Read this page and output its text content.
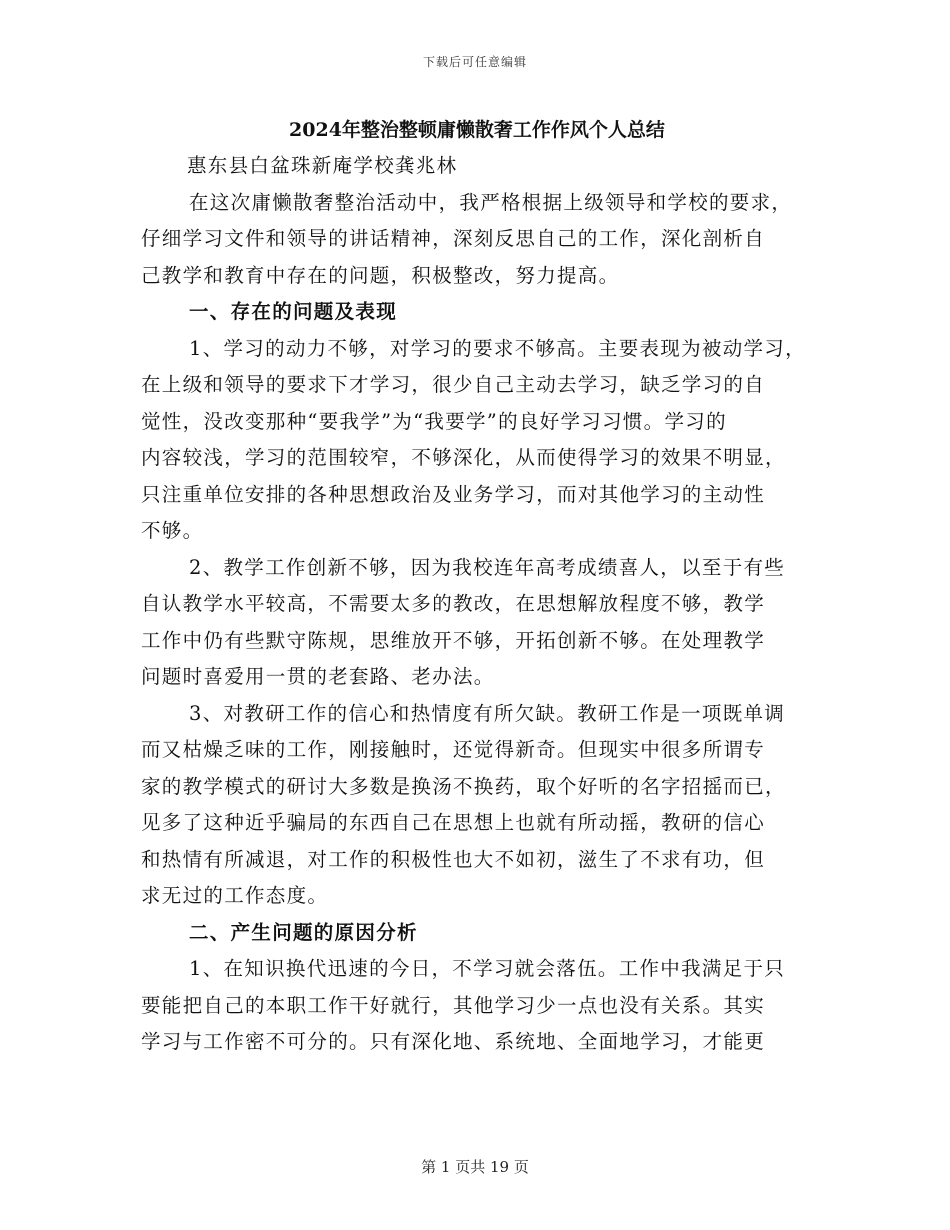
下载后可任意编辑
2024年整治整顿庸懒散奢工作作风个人总结
惠东县白盆珠新庵学校龚兆林
在这次庸懒散奢整治活动中，我严格根据上级领导和学校的要求，
仔细学习文件和领导的讲话精神，深刻反思自己的工作，深化剖析自
己教学和教育中存在的问题，积极整改，努力提高。
一、存在的问题及表现
1、学习的动力不够，对学习的要求不够高。主要表现为被动学习，
在上级和领导的要求下才学习，很少自己主动去学习，缺乏学习的自
觉性，没改变那种“要我学”为“我要学”的良好学习习惯。学习的
内容较浅，学习的范围较窄，不够深化，从而使得学习的效果不明显，
只注重单位安排的各种思想政治及业务学习，而对其他学习的主动性
不够。
2、教学工作创新不够，因为我校连年高考成绩喜人，以至于有些
自认教学水平较高，不需要太多的教改，在思想解放程度不够，教学
工作中仍有些默守陈规，思维放开不够，开拓创新不够。在处理教学
问题时喜爱用一贯的老套路、老办法。
3、对教研工作的信心和热情度有所欠缺。教研工作是一项既单调
而又枯燥乏味的工作，刚接触时，还觉得新奇。但现实中很多所谓专
家的教学模式的研讨大多数是换汤不换药，取个好听的名字招摇而已，
见多了这种近乎骗局的东西自己在思想上也就有所动摇，教研的信心
和热情有所减退，对工作的积极性也大不如初，滋生了不求有功，但
求无过的工作态度。
二、产生问题的原因分析
1、在知识换代迅速的今日，不学习就会落伍。工作中我满足于只
要能把自己的本职工作干好就行，其他学习少一点也没有关系。其实
学习与工作密不可分的。只有深化地、系统地、全面地学习，才能更
第 1 页共 19 页
